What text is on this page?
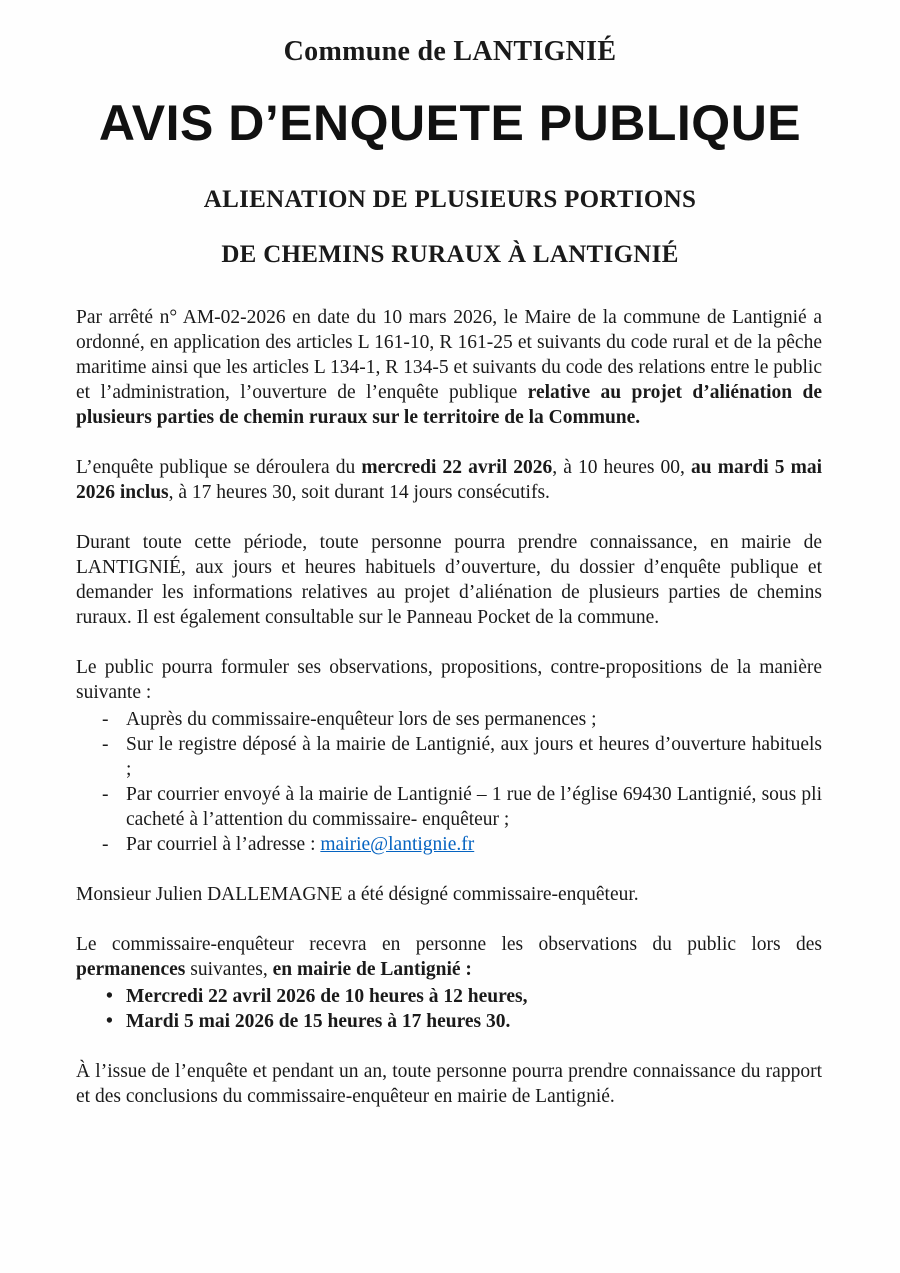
Commune de LANTIGNIÉ
AVIS D’ENQUETE PUBLIQUE
ALIENATION DE PLUSIEURS PORTIONS
DE CHEMINS RURAUX À LANTIGNIÉ

Par arrêté n° AM-02-2026 en date du 10 mars 2026, le Maire de la commune de Lantignié a ordonné, en application des articles L 161-10, R 161-25 et suivants du code rural et de la pêche maritime ainsi que les articles L 134-1, R 134-5 et suivants du code des relations entre le public et l’administration, l’ouverture de l’enquête publique relative au projet d’aliénation de plusieurs parties de chemin ruraux sur le territoire de la Commune.

L’enquête publique se déroulera du mercredi 22 avril 2026, à 10 heures 00, au mardi 5 mai 2026 inclus, à 17 heures 30, soit durant 14 jours consécutifs.

Durant toute cette période, toute personne pourra prendre connaissance, en mairie de LANTIGNIÉ, aux jours et heures habituels d’ouverture, du dossier d’enquête publique et demander les informations relatives au projet d’aliénation de plusieurs parties de chemins ruraux. Il est également consultable sur le Panneau Pocket de la commune.

Le public pourra formuler ses observations, propositions, contre-propositions de la manière suivante :

- Auprès du commissaire-enquêteur lors de ses permanences ;
- Sur le registre déposé à la mairie de Lantignié, aux jours et heures d’ouverture habituels ;
- Par courrier envoyé à la mairie de Lantignié – 1 rue de l’église 69430 Lantignié, sous pli cacheté à l’attention du commissaire- enquêteur ;
- Par courriel à l’adresse : mairie@lantignie.fr

Monsieur Julien DALLEMAGNE a été désigné commissaire-enquêteur.

Le commissaire-enquêteur recevra en personne les observations du public lors des permanences suivantes, en mairie de Lantignié :

• Mercredi 22 avril 2026 de 10 heures à 12 heures,
• Mardi 5 mai 2026 de 15 heures à 17 heures 30.

À l’issue de l’enquête et pendant un an, toute personne pourra prendre connaissance du rapport et des conclusions du commissaire-enquêteur en mairie de Lantignié.
